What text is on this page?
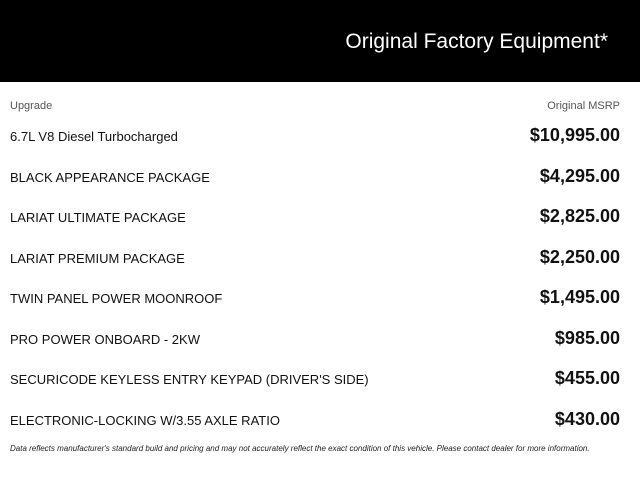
Original Factory Equipment*
Upgrade	Original MSRP
6.7L V8 Diesel Turbocharged	$10,995.00
BLACK APPEARANCE PACKAGE	$4,295.00
LARIAT ULTIMATE PACKAGE	$2,825.00
LARIAT PREMIUM PACKAGE	$2,250.00
TWIN PANEL POWER MOONROOF	$1,495.00
PRO POWER ONBOARD - 2KW	$985.00
SECURICODE KEYLESS ENTRY KEYPAD (DRIVER'S SIDE)	$455.00
ELECTRONIC-LOCKING W/3.55 AXLE RATIO	$430.00
Data reflects manufacturer's standard build and pricing and may not accurately reflect the exact condition of this vehicle. Please contact dealer for more information.
